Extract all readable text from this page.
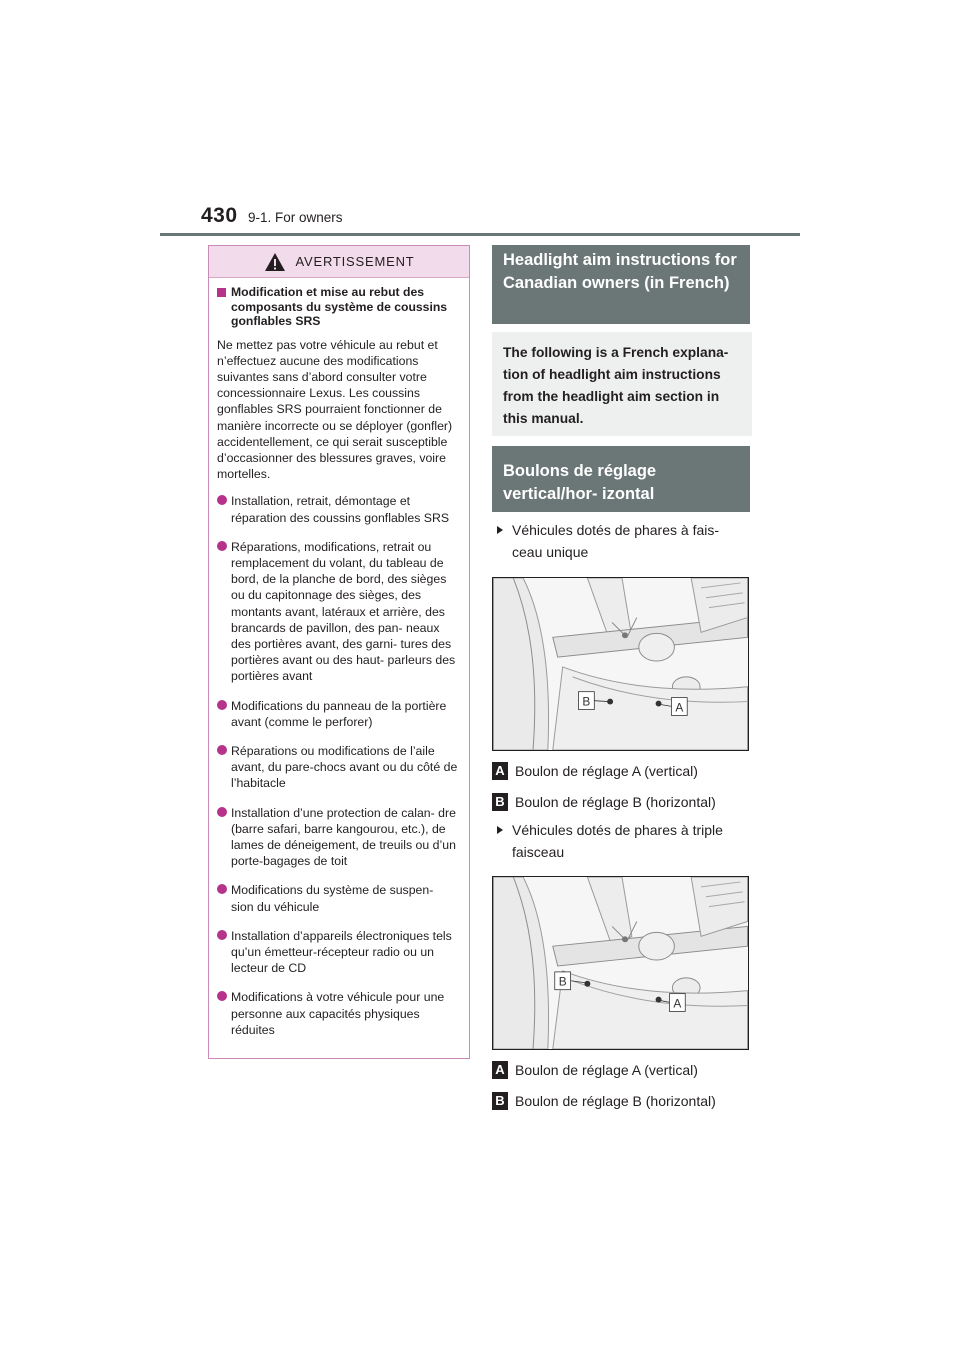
430 9-1. For owners
AVERTISSEMENT
Modification et mise au rebut des composants du système de coussins gonflables SRS
Ne mettez pas votre véhicule au rebut et n’effectuez aucune des modifications suivantes sans d’abord consulter votre concessionnaire Lexus. Les coussins gonflables SRS pourraient fonctionner de manière incorrecte ou se déployer (gonfler) accidentellement, ce qui serait susceptible d’occasionner des blessures graves, voire mortelles.
Installation, retrait, démontage et réparation des coussins gonflables SRS
Réparations, modifications, retrait ou remplacement du volant, du tableau de bord, de la planche de bord, des sièges ou du capitonnage des sièges, des montants avant, latéraux et arrière, des brancards de pavillon, des pan- neaux des portières avant, des garni- tures des portières avant ou des haut- parleurs des portières avant
Modifications du panneau de la portière avant (comme le perforer)
Réparations ou modifications de l’aile avant, du pare-chocs avant ou du côté de l’habitacle
Installation d’une protection de calan- dre (barre safari, barre kangourou, etc.), de lames de déneigement, de treuils ou d’un porte-bagages de toit
Modifications du système de suspen- sion du véhicule
Installation d’appareils électroniques tels qu’un émetteur-récepteur radio ou un lecteur de CD
Modifications à votre véhicule pour une personne aux capacités physiques réduites
Headlight aim instructions for Canadian owners (in French)
The following is a French explana- tion of headlight aim instructions from the headlight aim section in this manual.
Boulons de réglage vertical/hor- izontal
Véhicules dotés de phares à fais-
ceau unique
B	A
A Boulon de réglage A (vertical)
B Boulon de réglage B (horizontal)
Véhicules dotés de phares à triple
faisceau
B
A
A Boulon de réglage A (vertical)
B Boulon de réglage B (horizontal)
